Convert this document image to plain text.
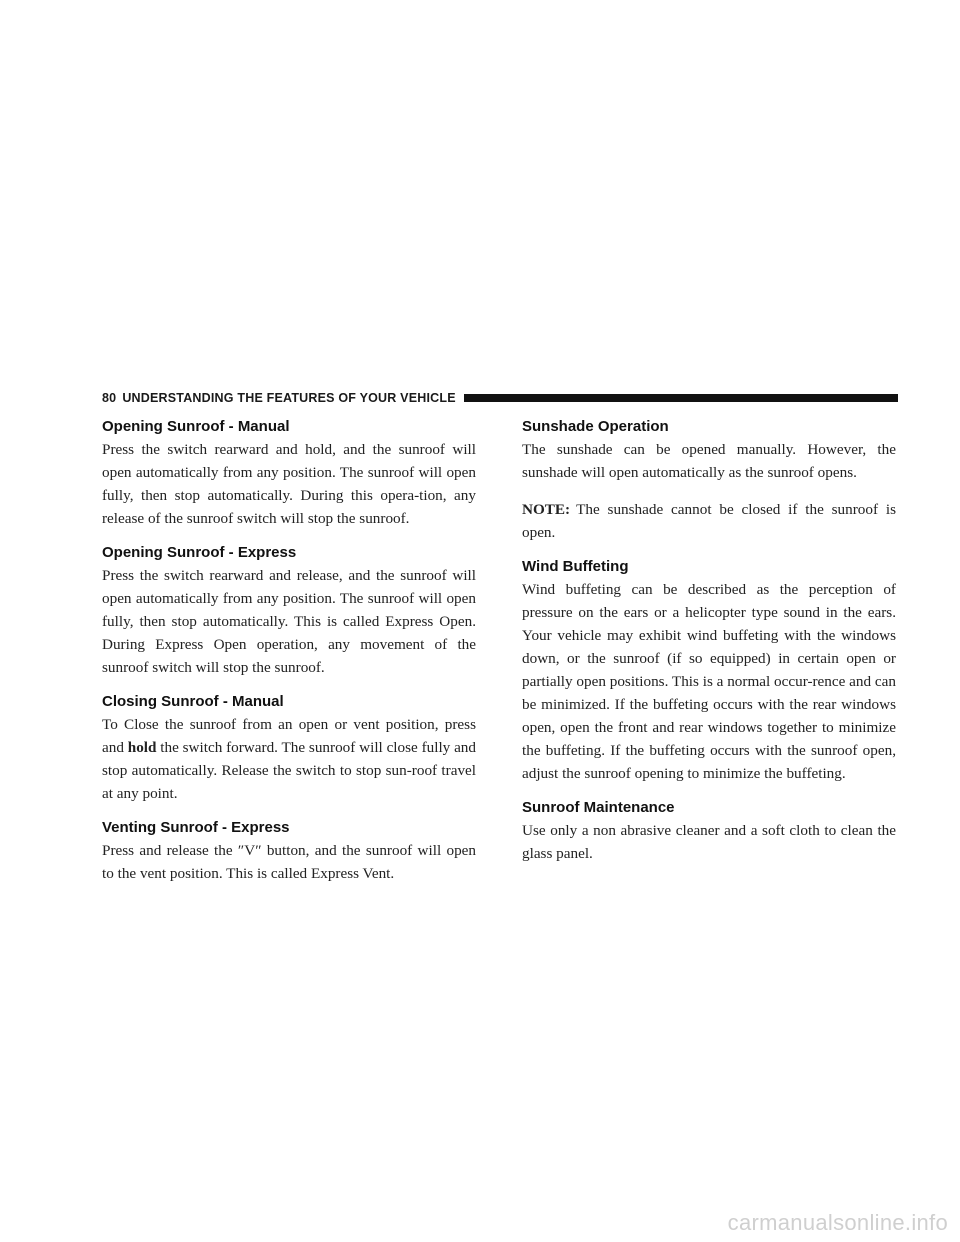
80 UNDERSTANDING THE FEATURES OF YOUR VEHICLE
Opening Sunroof - Manual

Press the switch rearward and hold, and the sunroof will open automatically from any position. The sunroof will open fully, then stop automatically. During this opera-tion, any release of the sunroof switch will stop the sunroof.

Opening Sunroof - Express

Press the switch rearward and release, and the sunroof will open automatically from any position. The sunroof will open fully, then stop automatically. This is called Express Open. During Express Open operation, any movement of the sunroof switch will stop the sunroof.

Closing Sunroof - Manual

To Close the sunroof from an open or vent position, press and hold the switch forward. The sunroof will close fully and stop automatically. Release the switch to stop sun-roof travel at any point.

Venting Sunroof - Express

Press and release the ″V″ button, and the sunroof will open to the vent position. This is called Express Vent.

Sunshade Operation

The sunshade can be opened manually. However, the sunshade will open automatically as the sunroof opens.

NOTE: The sunshade cannot be closed if the sunroof is open.

Wind Buffeting

Wind buffeting can be described as the perception of pressure on the ears or a helicopter type sound in the ears. Your vehicle may exhibit wind buffeting with the windows down, or the sunroof (if so equipped) in certain open or partially open positions. This is a normal occur-rence and can be minimized. If the buffeting occurs with the rear windows open, open the front and rear windows together to minimize the buffeting. If the buffeting occurs with the sunroof open, adjust the sunroof opening to minimize the buffeting.

Sunroof Maintenance

Use only a non abrasive cleaner and a soft cloth to clean the glass panel.

carmanualsonline.info
